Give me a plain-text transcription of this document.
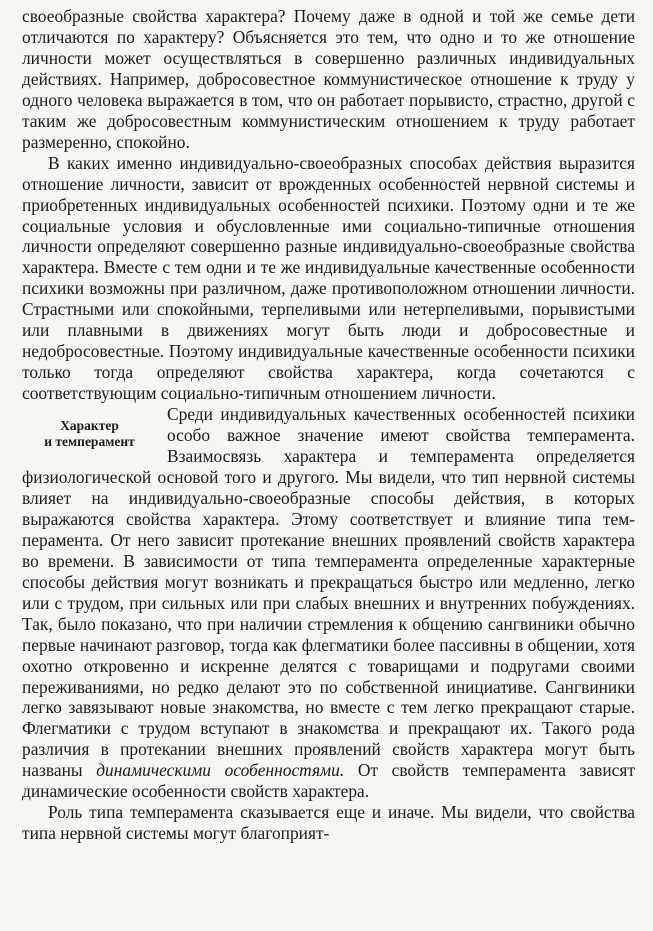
своеобразные свойства характера? Почему даже в одной и той же семье дети отличаются по характеру? Объясняется это тем, что одно и то же отношение личности может осуществляться в совершенно различных индивидуальных действиях. Например, добросовестное коммунистическое отношение к труду у одного человека выражается в том, что он работает порывисто, страстно, другой с таким же добросовестным коммунистическим отношением к труду работает размеренно, спокойно.

В каких именно индивидуально-своеобразных способах действия выразится отношение личности, зависит от врожденных особенностей нервной системы и приобретенных индивидуальных особенностей психики. Поэтому одни и те же социальные условия и обусловленные ими социально-типичные отношения личности определяют совершенно разные индивидуально-своеобразные свойства характера. Вместе с тем одни и те же индивидуальные качественные особенности психики возможны при различном, даже противоположном отношении личности. Страстными или спокойными, терпеливыми или нетерпеливыми, порывистыми или плавными в движениях могут быть люди и добросовестные и недобросовестные. Поэтому индивидуальные качественные особенности психики только тогда определяют свойства характера, когда сочетаются с соответствующим социально-типичным отношением личности.

Характер
и темперамент

Среди индивидуальных качественных особенностей психики особо важное значение имеют свойства темперамента. Взаимосвязь характера и темперамента определяется физиологической основой того и другого. Мы видели, что тип нервной системы влияет на индивидуально-своеобразные способы действия, в которых выражаются свойства характера. Этому соответствует и влияние типа темперамента. От него зависит протекание внешних проявлений свойств характера во времени. В зависимости от типа темперамента определенные характерные способы действия могут возникать и прекращаться быстро или медленно, легко или с трудом, при сильных или при слабых внешних и внутренних побуждениях. Так, было показано, что при наличии стремления к общению сангвиники обычно первые начинают разговор, тогда как флегматики более пассивны в общении, хотя охотно откровенно и искренне делятся с товарищами и подругами своими переживаниями, но редко делают это по собственной инициативе. Сангвиники легко завязывают новые знакомства, но вместе с тем легко прекращают старые. Флегматики с трудом вступают в знакомства и прекращают их. Такого рода различия в протекании внешних проявлений свойств характера могут быть названы динамическими особенностями. От свойств темперамента зависят динамические особенности свойств характера.

Роль типа темперамента сказывается еще и иначе. Мы видели, что свойства типа нервной системы могут благоприят-
